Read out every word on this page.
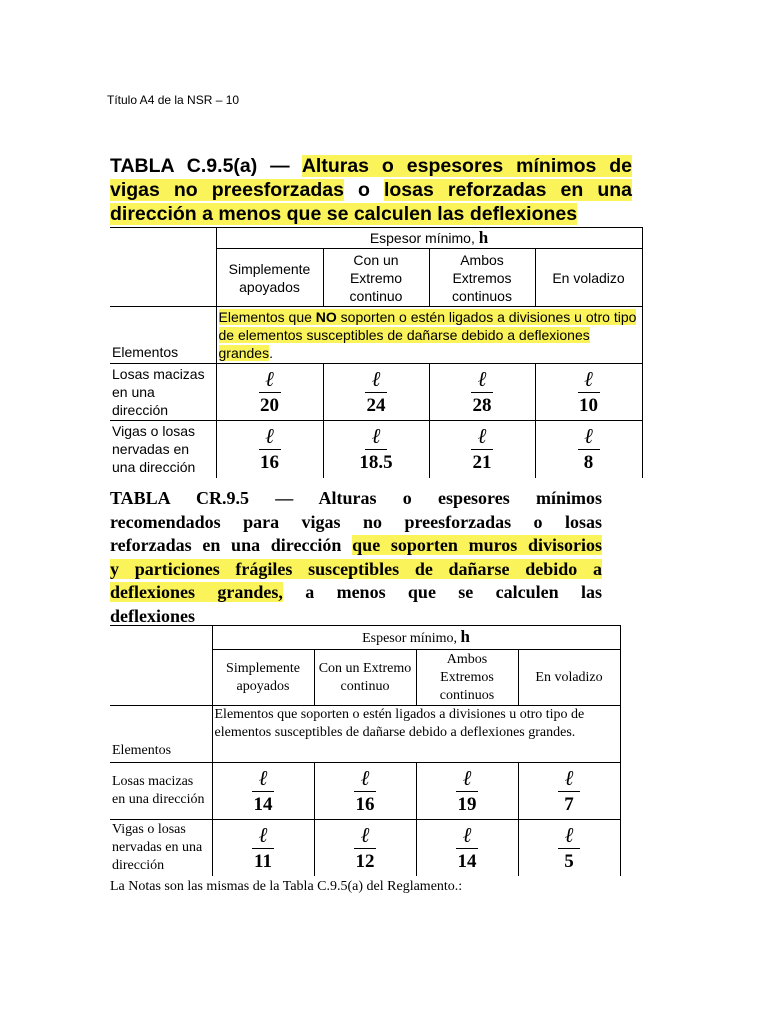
Título A4 de la NSR – 10
TABLA C.9.5(a) — Alturas o espesores mínimos de
vigas no preesforzadas o losas reforzadas en una
dirección a menos que se calculen las deflexiones
	Espesor mínimo, h			
	Simplemente apoyados	Con un Extremo continuo	Ambos Extremos continuos	En voladizo
Elementos	Elementos que NO soporten o estén ligados a divisiones u otro tipo de elementos susceptibles de dañarse debido a deflexiones grandes.			
Losas macizas en una dirección	$\frac{\text{ℓ}}{20}$	$\frac{\text{ℓ}}{24}$	$\frac{\text{ℓ}}{28}$	$\frac{\text{ℓ}}{10}$

Vigas o losas nervadas en una dirección	$\frac{\text{ℓ}}{16}$	$\frac{\text{ℓ}}{18.5}$	$\frac{\text{ℓ}}{21}$	$\frac{\text{ℓ}}{8}$
TABLA CR.9.5 — Alturas o espesores mínimos
recomendados para vigas no preesforzadas o losas
reforzadas en una dirección que soporten muros divisorios
y particiones frágiles susceptibles de dañarse debido a
deflexiones grandes, a menos que se calculen las
deflexiones
	Espesor mínimo, h			
	Simplemente apoyados	Con un Extremo continuo	Ambos Extremos continuos	En voladizo
Elementos	Elementos que soporten o estén ligados a divisiones u otro tipo de elementos susceptibles de dañarse debido a deflexiones grandes.			
Losas macizas en una dirección	$\frac{\text{ℓ}}{14}$	$\frac{\text{ℓ}}{16}$	$\frac{\text{ℓ}}{19}$	$\frac{\text{ℓ}}{7}$

Vigas o losas nervadas en una dirección	$\frac{\text{ℓ}}{11}$	$\frac{\text{ℓ}}{12}$	$\frac{\text{ℓ}}{14}$	$\frac{\text{ℓ}}{5}$
La Notas son las mismas de la Tabla C.9.5(a) del Reglamento.:
